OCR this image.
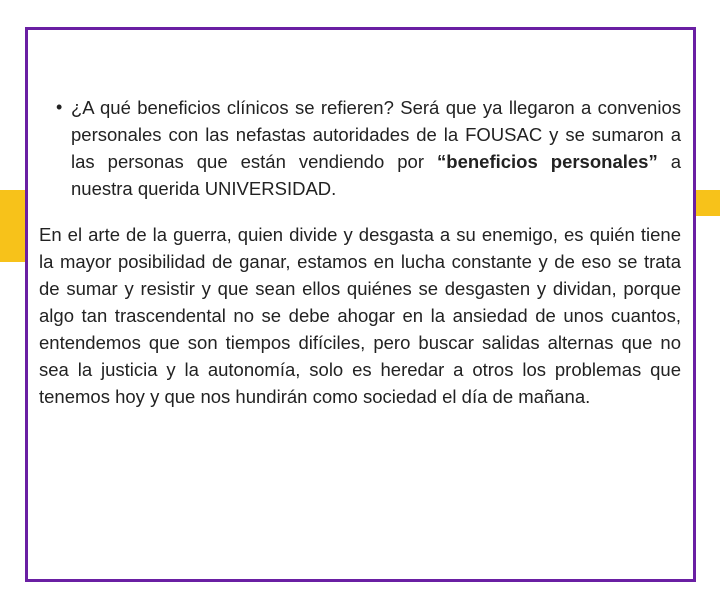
• ¿A qué beneficios clínicos se refieren? Será que ya llegaron a convenios personales con las nefastas autoridades de la FOUSAC y se sumaron a las personas que están vendiendo por “beneficios personales” a nuestra querida UNIVERSIDAD.

En el arte de la guerra, quien divide y desgasta a su enemigo, es quién tiene la mayor posibilidad de ganar, estamos en lucha constante y de eso se trata de sumar y resistir y que sean ellos quiénes se desgasten y dividan, porque algo tan trascendental no se debe ahogar en la ansiedad de unos cuantos, entendemos que son tiempos difíciles, pero buscar salidas alternas que no sea la justicia y la autonomía, solo es heredar a otros los problemas que tenemos hoy y que nos hundirán como sociedad el día de mañana.
